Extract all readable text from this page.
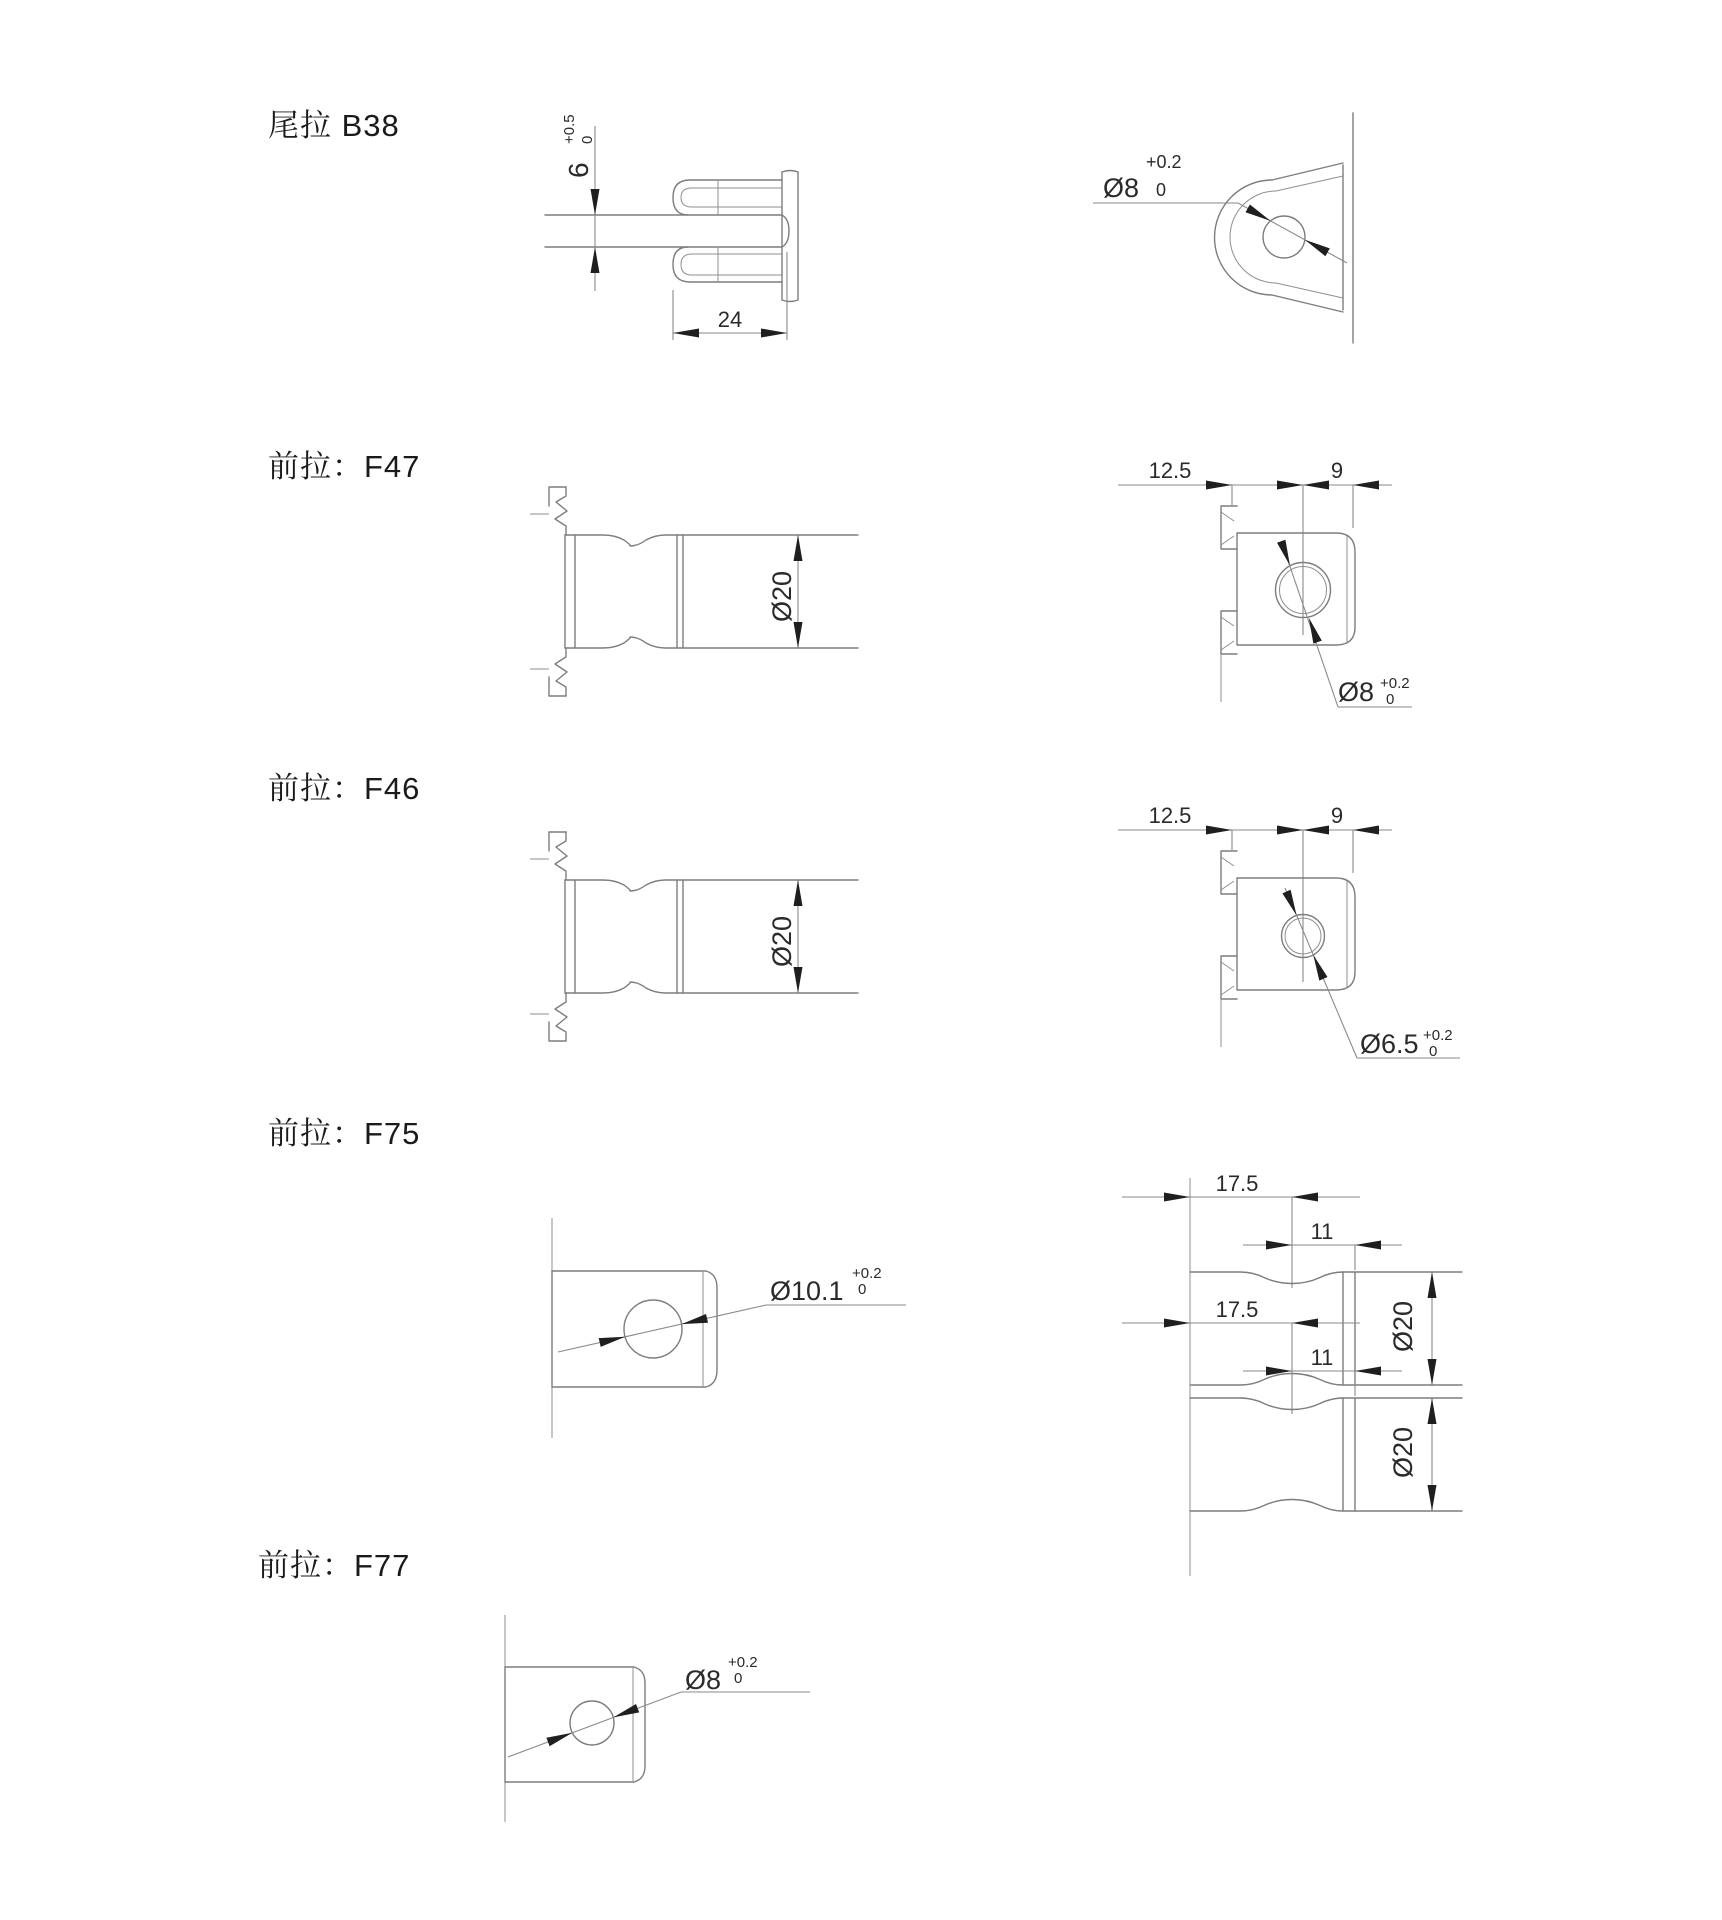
尾拉 B38
前拉：F47
前拉：F46
前拉：F75
前拉：F77
6
+0.5 0
24
Ø8
+0.2
0
Ø20
12.5	9
Ø8 +0.2
0
Ø20
12.5	9
Ø6.5 +0.2
0
Ø10.1
+0.2
0
17.5
11
Ø20
Ø8
+0.2
0
17.5
11
Ø20
